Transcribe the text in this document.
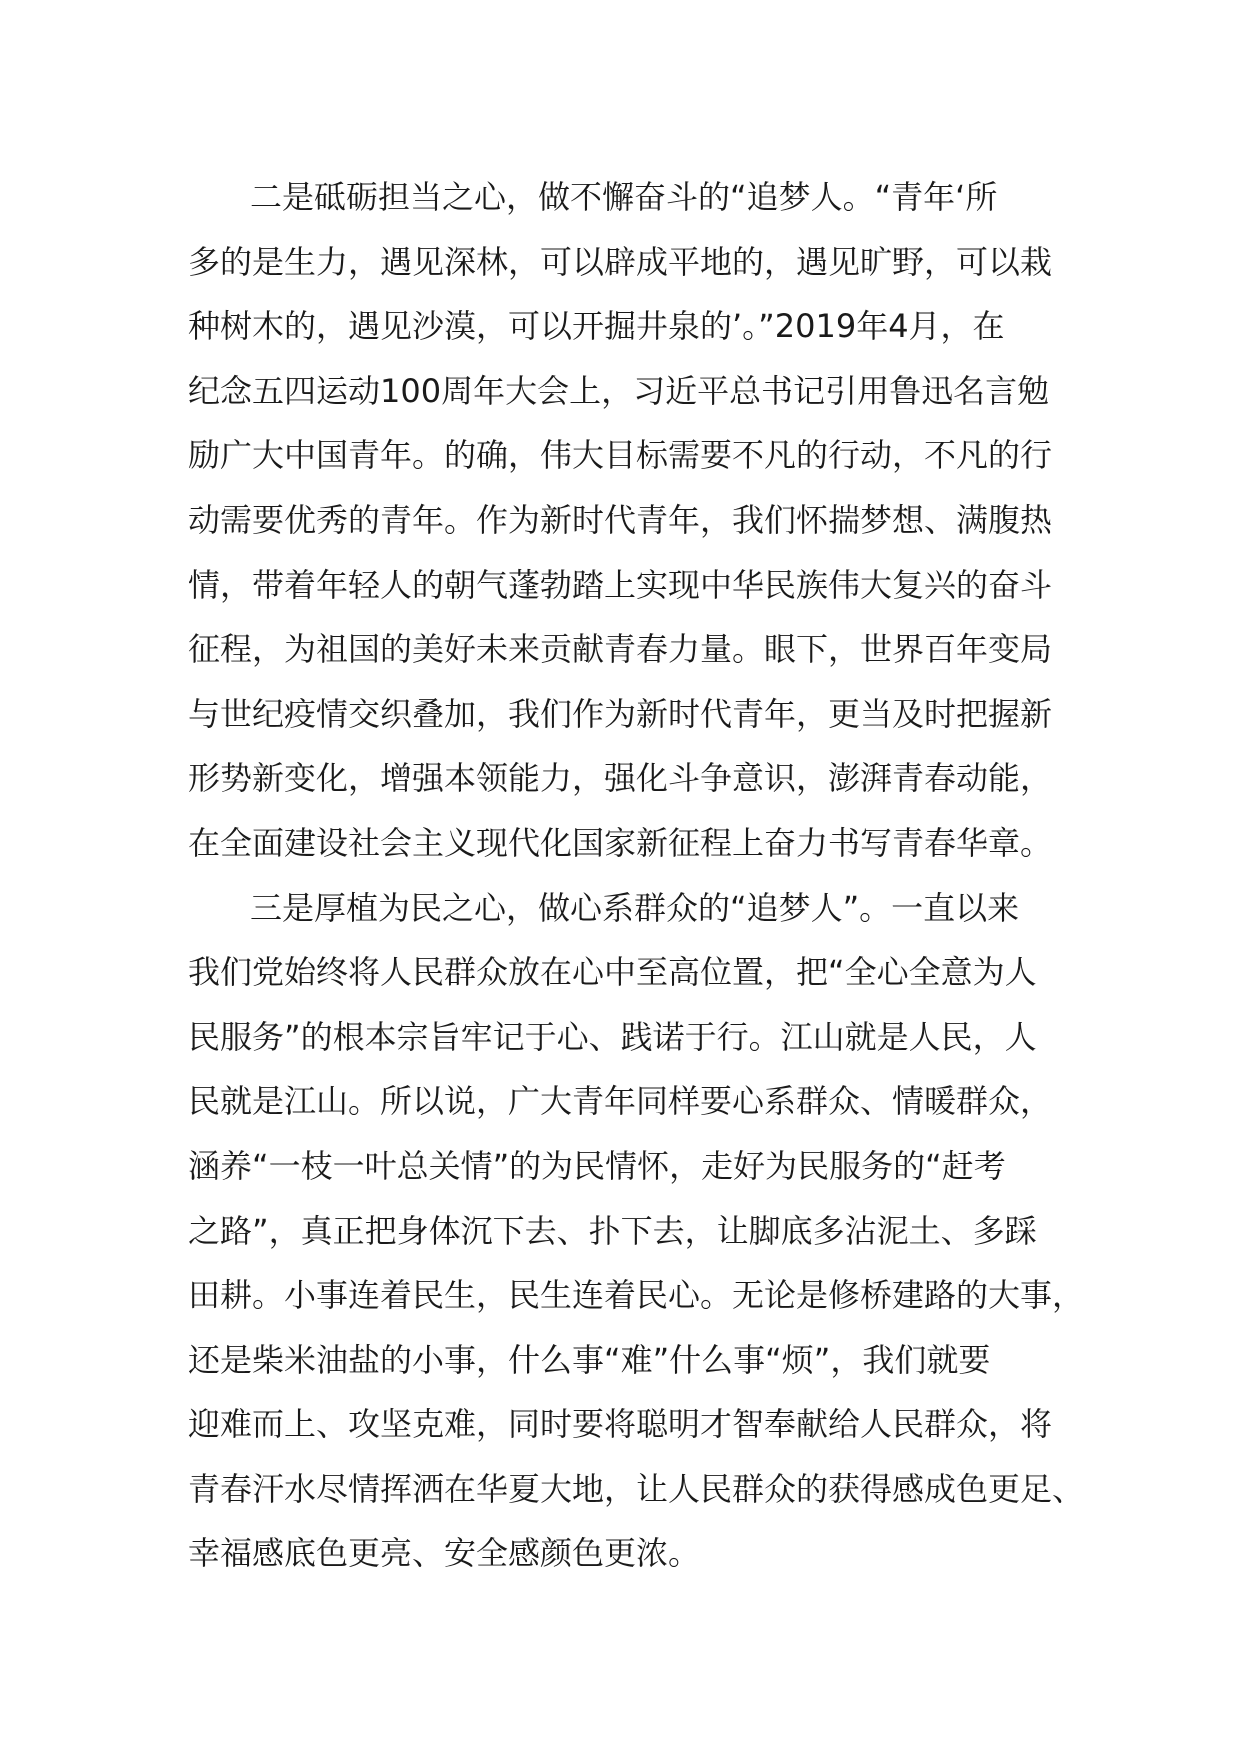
二是砥砺担当之心，做不懈奋斗的“追梦人。“青年‘所
多的是生力，遇见深林，可以辟成平地的，遇见旷野，可以栽
种树木的，遇见沙漠，可以开掘井泉的’。”2019年4月，在
纪念五四运动100周年大会上，习近平总书记引用鲁迅名言勉
励广大中国青年。的确，伟大目标需要不凡的行动，不凡的行
动需要优秀的青年。作为新时代青年，我们怀揣梦想、满腹热
情，带着年轻人的朝气蓬勃踏上实现中华民族伟大复兴的奋斗
征程，为祖国的美好未来贡献青春力量。眼下，世界百年变局
与世纪疫情交织叠加，我们作为新时代青年，更当及时把握新
形势新变化，增强本领能力，强化斗争意识，澎湃青春动能，
在全面建设社会主义现代化国家新征程上奋力书写青春华章。
三是厚植为民之心，做心系群众的“追梦人”。一直以来
我们党始终将人民群众放在心中至高位置，把“全心全意为人
民服务”的根本宗旨牢记于心、践诺于行。江山就是人民，人
民就是江山。所以说，广大青年同样要心系群众、情暖群众，
涵养“一枝一叶总关情”的为民情怀，走好为民服务的“赶考
之路”，真正把身体沉下去、扑下去，让脚底多沾泥土、多踩
田耕。小事连着民生，民生连着民心。无论是修桥建路的大事，
还是柴米油盐的小事，什么事“难”什么事“烦”，我们就要
迎难而上、攻坚克难，同时要将聪明才智奉献给人民群众，将
青春汗水尽情挥洒在华夏大地，让人民群众的获得感成色更足、
幸福感底色更亮、安全感颜色更浓。
